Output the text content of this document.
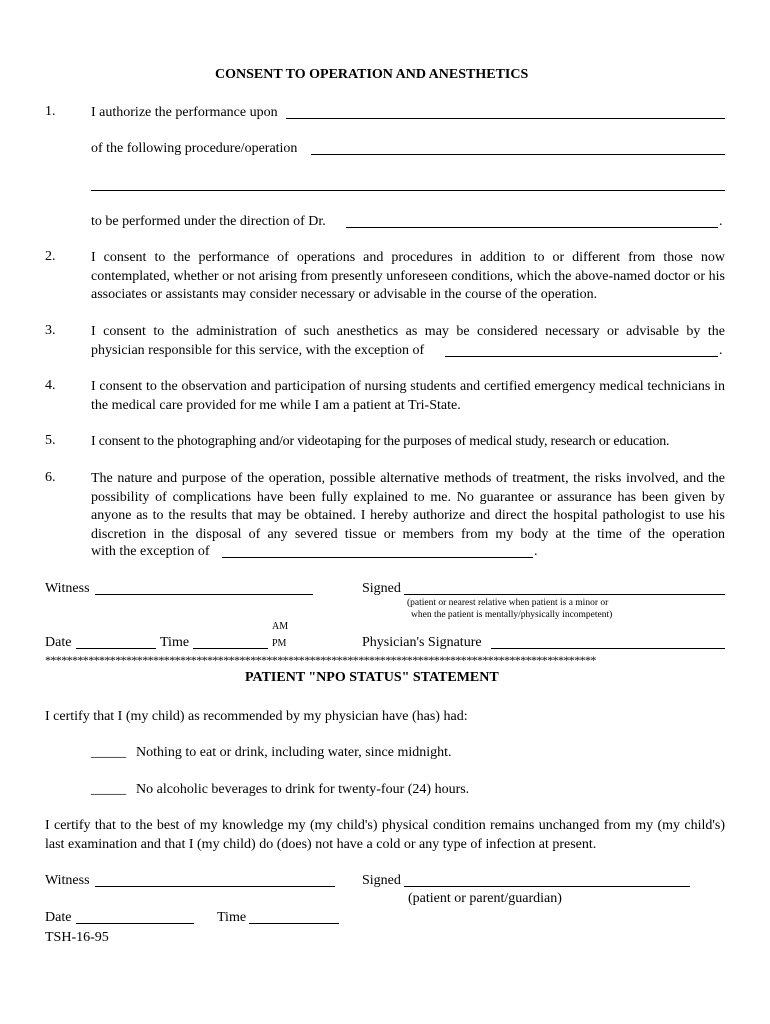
CONSENT TO OPERATION AND ANESTHETICS
1.	I authorize the performance upon
of the following procedure/operation
to be performed under the direction of Dr.	.
2.	I consent to the performance of operations and procedures in addition to or different from those now contemplated, whether or not arising from presently unforeseen conditions, which the above-named doctor or his associates or assistants may consider necessary or advisable in the course of the operation.
3.	I consent to the administration of such anesthetics as may be considered necessary or advisable by the
physician responsible for this service, with the exception of	.
4.	I consent to the observation and participation of nursing students and certified emergency medical technicians in the medical care provided for me while I am a patient at Tri-State.
5.	I consent to the photographing and/or videotaping for the purposes of medical study, research or education.
6.	The nature and purpose of the operation, possible alternative methods of treatment, the risks involved, and the possibility of complications have been fully explained to me. No guarantee or assurance has been given by anyone as to the results that may be obtained. I hereby authorize and direct the hospital pathologist to use his discretion in the disposal of any severed tissue or members from my body at the time of the operation
with the exception of	.
Witness	Signed
(patient or nearest relative when patient is a minor or
when the patient is mentally/physically incompetent)
AM
Date	Time	PM	Physician's Signature
******************************************************************************************************
PATIENT "NPO STATUS" STATEMENT
I certify that I (my child) as recommended by my physician have (has) had:
_____ Nothing to eat or drink, including water, since midnight.
_____ No alcoholic beverages to drink for twenty-four (24) hours.
I certify that to the best of my knowledge my (my child's) physical condition remains unchanged from my (my child's) last examination and that I (my child) do (does) not have a cold or any type of infection at present.
Witness	Signed
(patient or parent/guardian)
Date	Time
TSH-16-95
